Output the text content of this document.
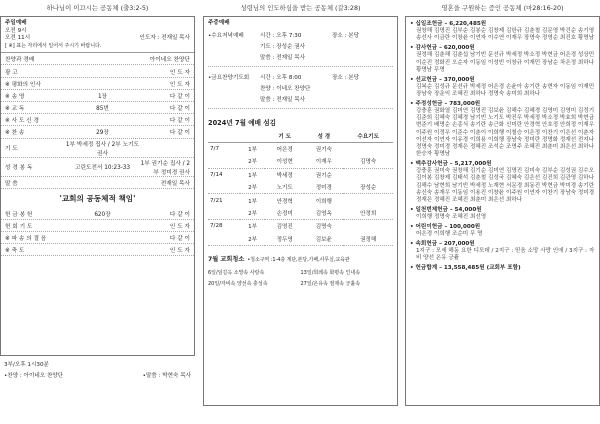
하나님이 이끄시는 공동체 (출3:2-5)
주일예배
오전 9시
오전 11시	인도자 : 전재일 목사
[ ※] 표는 자리에서 일어서 주시기 바랍니다.
찬양과 경배	아이네오 찬양단
광 고	인 도 자
※ 평화의 인사	인 도 자
※ 송 영	1장	다 같 이
※ 교 독	85번	다 같 이
※ 사 도 신 경	다 같 이
※ 찬 송	29장	다 같 이
기 도
1부 박세정 집사 / 2부 노기도 권사
성 경 봉 독	고린도전서 10:23-33
1부 권기순 집사 / 2부 정미경 권사
말 씀	전재일 목사
'교회의 공동체적 책임'
헌 금 봉 헌	620장	다 같 이
헌 회 기 도	인 도 자
※ 파 송 의 결 음	다 같 이
※ 축 도	인 도 자
3부/오후 1시30분
•찬양 : 아이네오 찬양단	•말씀 : 박현숙 목사
성령님의 인도하심을 받는 공동체 (갈3:28)
주중예배
•수요저녁예배	시간 : 오후 7:30	장소 : 본당
기도 : 장성순 권사
말씀 : 전재일 목사
•금요찬양기도회	시간 : 오후 8:00	장소 : 본당
찬양 : 이네오 찬양단
말씀 : 전재일 목사
2024년 7월 예배 섬김
		기 도	성 경	수요기도
7/7	1부	어은경	권기숙	
	2부	이성현	이재우	김명숙
7/14	1부	박세정	권기순	
	2부	노기도	정미경	장성순
7/21	1부	안경혁	이희행	
	2부	손정미	김영옥	안정희
7/28	1부	김영진	김명숙	
	2부	정두영	김보윤	권정해
7월 교회청소 •청소구역 :1-4층 계단,본당,가페,사무실,교육관
6일/임길옥 소망속 사랑속	13일/희레속 화평속 인내속
20일/자비속 양선속 충성속	27일/온유속 절제속 긍휼속
영혼을 구원하는 증인 공동체 (마28:16-20)
• 십일조헌금 – 6,220,485원
권창해 김명진 김부순 김봉순 김창제 김한규 김춘철 김문영 박건순 송기영 송선사 이금란 이창윤 이연자 이수연 이재우 장명숙 정영순 최진호 황명남
• 감사헌금 – 620,000원
권정해 김춘해 김춘섭 남기빈 문선규 박세정 박소정 박현금 어은경 성상민 이순진 정화진 오순자 이동임 이성빈 이창규 이재민 장남순 차은정 최하나 황명남 무명
• 선교헌금 – 370,000원
김복순 김성규 문선규 박세정 어은경 손윤아 송기란 송현자 이동임 이재민 장남숙 장운익 조혜진 최하나 정명숙 송미희 최하나
• 주정성헌금 – 783,000원
강충훈 권화열 김미연 김명진 김보윤 김해수 김혜경 김영미 김영미 김정기 김준희 김혜숙 김혜경 남기빈 노기도 박진우 박세정 박소정 박효희 박현금 변준기 배명순 손종식 송기란 송근화 신미란 안경혁 안호정 안희정 이재우 이주원 이정우 이준수 이춘이 이희행 이철승 이은정 이찬기 이은선 이춘자 이선자 이연자 이유경 이희용 이희행 장남숙 정미란 정명화 정재선 전지나 정명숙 정미경 정재은 정혜진 조석순 조명주 조혜진 최춘미 최은선 최하나 한승자 황명남
• 맥추감사헌금 – 5,217,000원
강충훈 권미숙 권창해 김기순 김미연 김명진 김미숙 김부순 김성권 김수오 김이봉 김창제 김태석 김춘철 김성국 김혜숙 김은선 김진희 김관영 김하나 김해수 남현희 남기빈 박세정 노재현 서문경 최동진 박현금 박미경 송기란 송신숙 송재우 이동임 이용진 이창윤 이주원 이연자 이찬기 장남숙 정미경 정재은 정혜진 조혜진 최춘미 최은선 최하나
• 일천번제헌금 – 54,000원
이희행 정명숙 조혜진 최선영
• 어린이헌금 – 100,000원
어은경 이희행 조순미 무 명
• 속회헌금 – 207,000원
1지구 : 모세 해동 요한 디모데 / 2지구 : 믿음 소망 사랑 인애 / 3지구 : 자비 양선 온유 긍휼
• 헌금합계 – 13,558,485원 (교회부 포함)
